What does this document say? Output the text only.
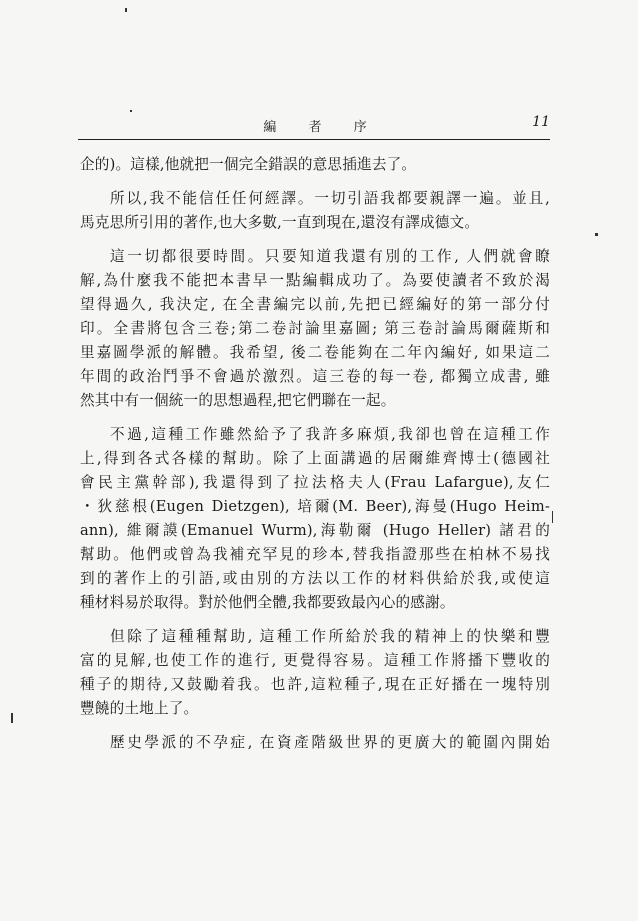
編 者 序	11
企的)。這樣,他就把一個完全錯誤的意思插進去了。
所以,我不能信任任何經譯。一切引語我都要親譯一遍。並且,
馬克思所引用的著作,也大多數,一直到現在,還沒有譯成德文。
這一切都很要時間。只要知道我還有別的工作, 人們就會瞭
解,為什麼我不能把本書早一點編輯成功了。為要使讀者不致於渴
望得過久, 我決定, 在全書編完以前,先把已經編好的第一部分付
印。全書將包含三卷;第二卷討論里嘉圖; 第三卷討論馬爾薩斯和
里嘉圖學派的解體。我希望, 後二卷能夠在二年內編好, 如果這二
年間的政治鬥爭不會過於激烈。這三卷的每一卷, 都獨立成書, 雖
然其中有一個統一的思想過程,把它們聯在一起。
不過,這種工作雖然給予了我許多麻煩,我卻也曾在這種工作
上,得到各式各樣的幫助。除了上面講過的居爾維齊博士(德國社
會民主黨幹部),我還得到了拉法格夫人(Frau Lafargue),友仁
・狄慈根(Eugen Dietzgen), 培爾(M. Beer),海曼(Hugo Heim-
ann), 維爾謨(Emanuel Wurm),海勒爾 (Hugo Heller) 諸君的
幫助。他們或曾為我補充罕見的珍本,替我指證那些在柏林不易找
到的著作上的引語,或由別的方法以工作的材料供給於我,或使這
種材料易於取得。對於他們全體,我都要致最內心的感謝。
但除了這種種幫助, 這種工作所給於我的精神上的快樂和豐
富的見解,也使工作的進行, 更覺得容易。這種工作將播下豐收的
種子的期待,又鼓勵着我。也許,這粒種子,現在正好播在一塊特別
豐饒的土地上了。
歷史學派的不孕症, 在資產階級世界的更廣大的範圍內開始
